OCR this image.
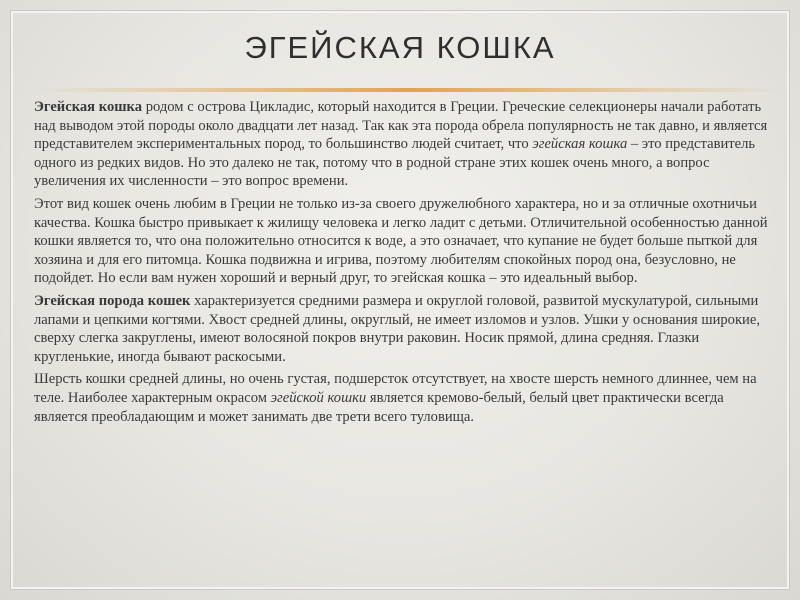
ЭГЕЙСКАЯ КОШКА

Эгейская кошка родом с острова Цикладис, который находится в Греции. Греческие селекционеры начали работать над выводом этой породы около двадцати лет назад. Так как эта порода обрела популярность не так давно, и является представителем экспериментальных пород, то большинство людей считает, что эгейская кошка – это представитель одного из редких видов. Но это далеко не так, потому что в родной стране этих кошек очень много, а вопрос увеличения их численности – это вопрос времени.

Этот вид кошек очень любим в Греции не только из-за своего дружелюбного характера, но и за отличные охотничьи качества. Кошка быстро привыкает к жилищу человека и легко ладит с детьми. Отличительной особенностью данной кошки является то, что она положительно относится к воде, а это означает, что купание не будет больше пыткой для хозяина и для его питомца. Кошка подвижна и игрива, поэтому любителям спокойных пород она, безусловно, не подойдет. Но если вам нужен хороший и верный друг, то эгейская кошка – это идеальный выбор.

Эгейская порода кошек характеризуется средними размера и округлой головой, развитой мускулатурой, сильными лапами и цепкими когтями. Хвост средней длины, округлый, не имеет изломов и узлов. Ушки у основания широкие, сверху слегка закруглены, имеют волосяной покров внутри раковин. Носик прямой, длина средняя. Глазки кругленькие, иногда бывают раскосыми.

Шерсть кошки средней длины, но очень густая, подшерсток отсутствует, на хвосте шерсть немного длиннее, чем на теле. Наиболее характерным окрасом эгейской кошки является кремово-белый, белый цвет практически всегда является преобладающим и может занимать две трети всего туловища.
